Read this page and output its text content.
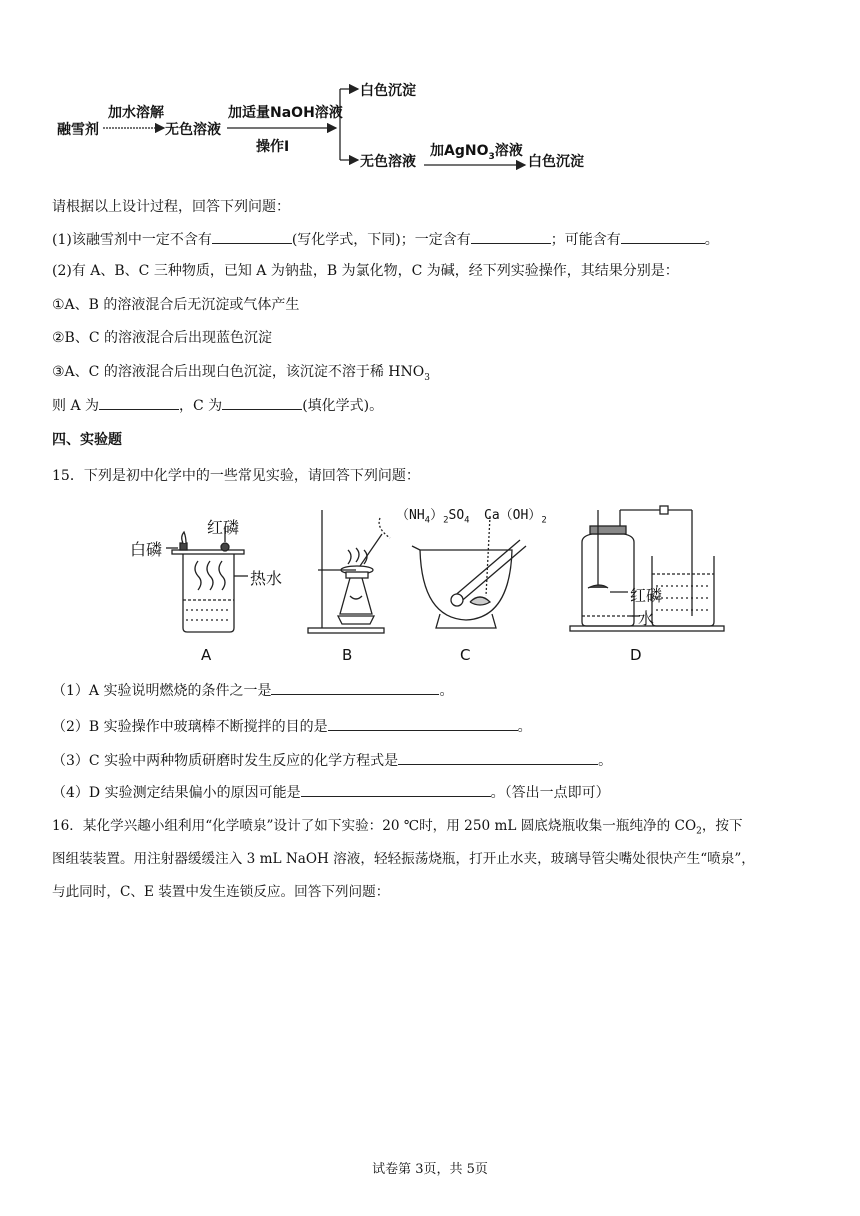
融雪剂
加水溶解
无色溶液
加适量NaOH溶液
操作Ⅰ
白色沉淀
无色溶液
加AgNO$_3$溶液
白色沉淀
请根据以上设计过程，回答下列问题：
(1)该融雪剂中一定不含有	(写化学式，下同)；一定含有	；可能含有	。
(2)有 A、B、C 三种物质，已知 A 为钠盐，B 为氯化物，C 为碱，经下列实验操作，其结果分别是：
①A、B 的溶液混合后无沉淀或气体产生
②B、C 的溶液混合后出现蓝色沉淀
③A、C 的溶液混合后出现白色沉淀，该沉淀不溶于稀 $HNO_3$
则 A 为	，C 为	(填化学式)。
四、实验题
15．下列是初中化学中的一些常见实验，请回答下列问题：
白磷
红磷
热水
$(NH_4)_2SO_4$ $Ca(OH)_2$
红磷
水
A	B	C	D
（1）A 实验说明燃烧的条件之一是	。
（2）B 实验操作中玻璃棒不断搅拌的目的是	。
（3）C 实验中两种物质研磨时发生反应的化学方程式是	。
（4）D 实验测定结果偏小的原因可能是	。（答出一点即可）
16．某化学兴趣小组利用“化学喷泉”设计了如下实验：20 ℃时，用 250 mL 圆底烧瓶收集一瓶纯净的 $CO_2$，按下
图组装装置。用注射器缓缓注入 3 mL NaOH 溶液，轻轻振荡烧瓶，打开止水夹，玻璃导管尖嘴处很快产生“喷泉”，
与此同时，C、E 装置中发生连锁反应。回答下列问题：
试卷第 3页，共 5页
